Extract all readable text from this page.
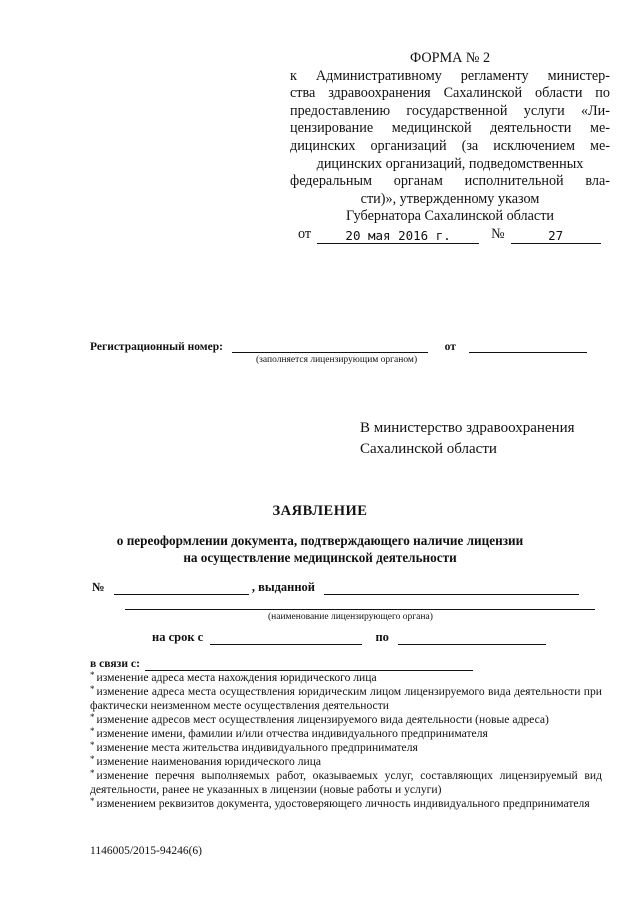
ФОРМА № 2
к Административному регламенту министер-
ства здравоохранения Сахалинской области по
предоставлению государственной услуги «Ли-
цензирование медицинской деятельности ме-
дицинских организаций (за исключением ме-
дицинских организаций, подведомственных
федеральным органам исполнительной вла-
сти)», утвержденному указом
Губернатора Сахалинской области
от	20 мая 2016 г.	№	27
Регистрационный номер:	от
(заполняется лицензирующим органом)
В министерство здравоохранения
Сахалинской области
ЗАЯВЛЕНИЕ
о переоформлении документа, подтверждающего наличие лицензии
на осуществление медицинской деятельности
№	, выданной
(наименование лицензирующего органа)
на срок с	по
в связи с:

* изменение адреса места нахождения юридического лица

* изменение адреса места осуществления юридическим лицом лицензируемого вида деятельности при фактически неизменном месте осуществления деятельности

* изменение адресов мест осуществления лицензируемого вида деятельности (новые адреса)

* изменение имени, фамилии и/или отчества индивидуального предпринимателя

* изменение места жительства индивидуального предпринимателя

* изменение наименования юридического лица

* изменение перечня выполняемых работ, оказываемых услуг, составляющих лицензируемый вид деятельности, ранее не указанных в лицензии (новые работы и услуги)

* изменением реквизитов документа, удостоверяющего личность индивидуального предпринимателя

1146005/2015-94246(6)
